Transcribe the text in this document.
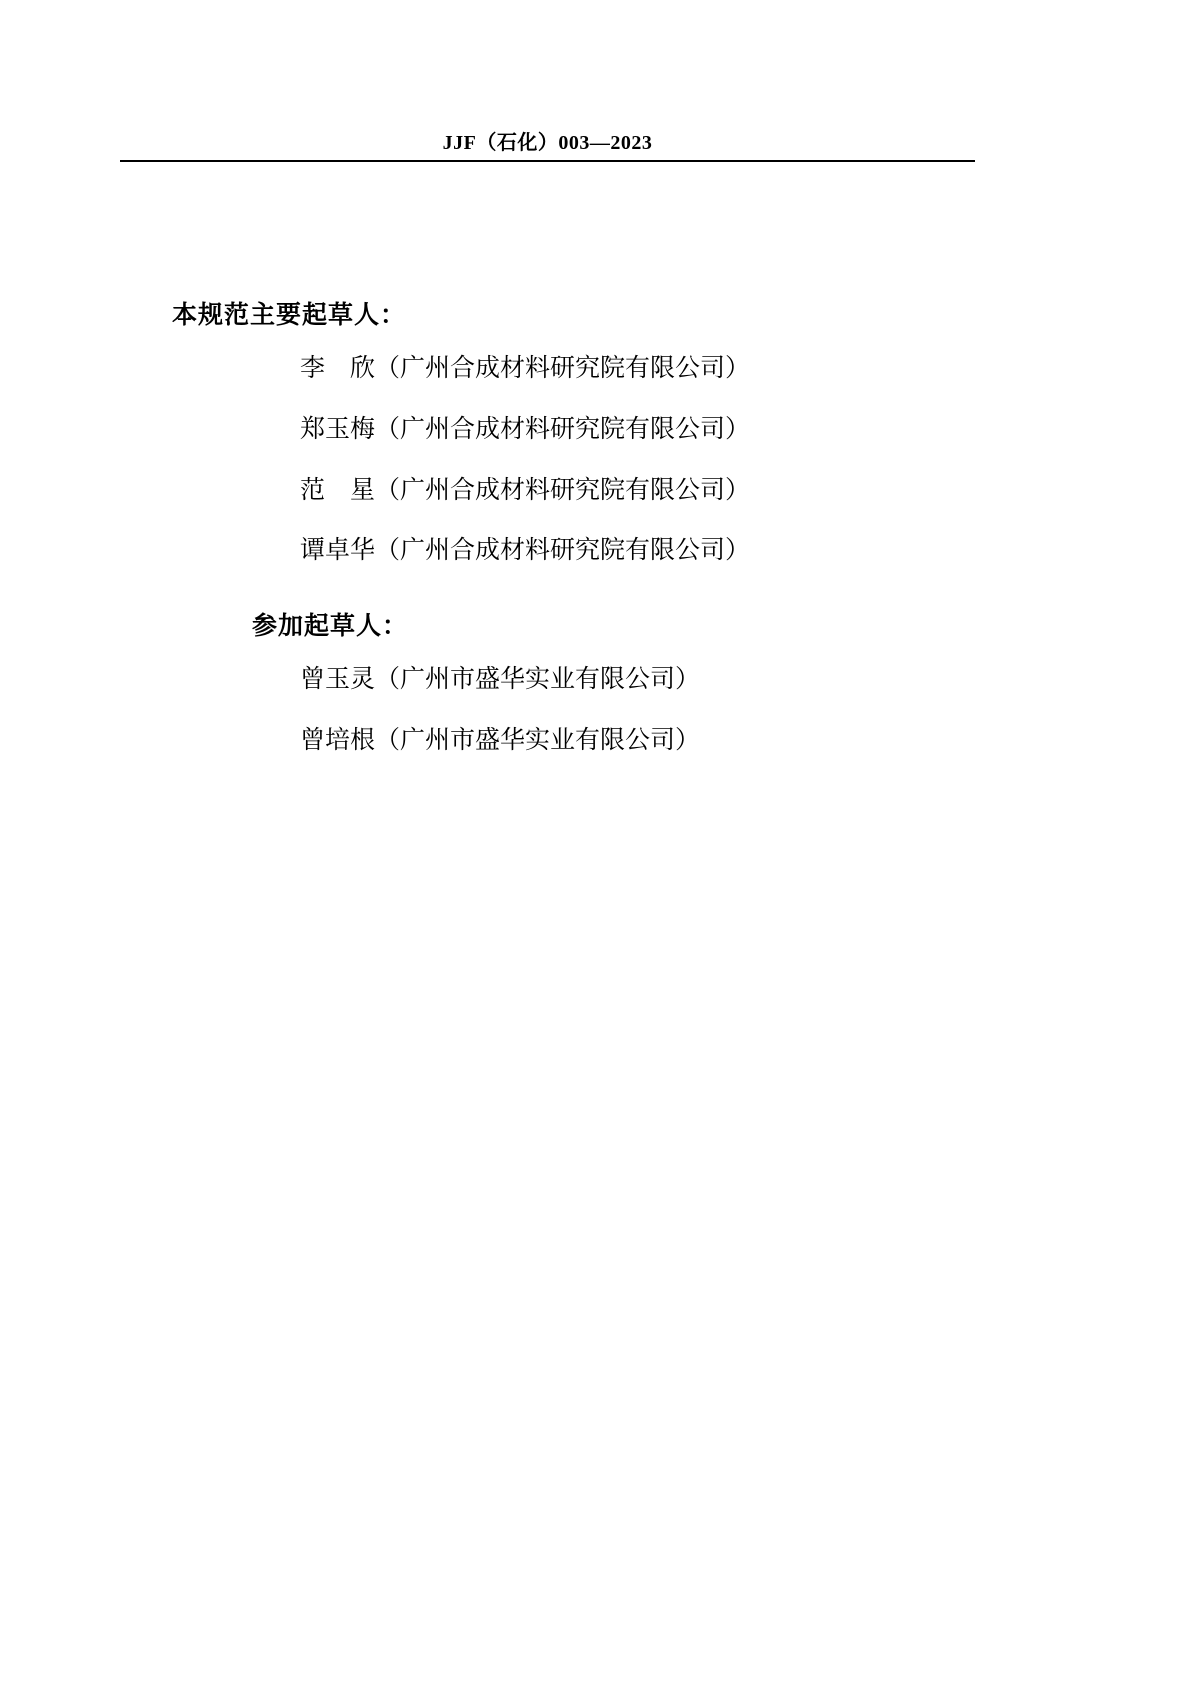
JJF（石化）003—2023
本规范主要起草人：
李　欣（广州合成材料研究院有限公司）
郑玉梅（广州合成材料研究院有限公司）
范　星（广州合成材料研究院有限公司）
谭卓华（广州合成材料研究院有限公司）
参加起草人：
曾玉灵（广州市盛华实业有限公司）
曾培根（广州市盛华实业有限公司）
